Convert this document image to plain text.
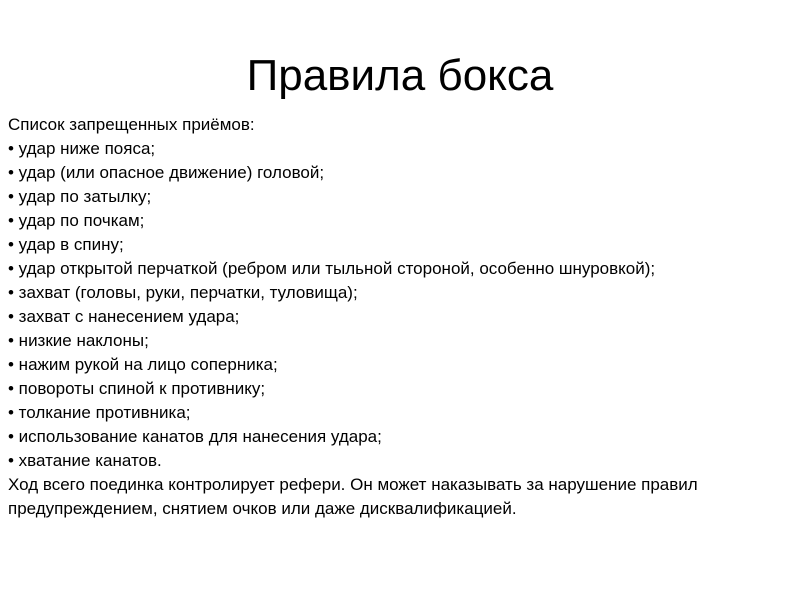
Правила бокса
Список запрещенных приёмов:
• удар ниже пояса;
• удар (или опасное движение) головой;
• удар по затылку;
• удар по почкам;
• удар в спину;
• удар открытой перчаткой (ребром или тыльной стороной, особенно шнуровкой);
• захват (головы, руки, перчатки, туловища);
• захват с нанесением удара;
• низкие наклоны;
• нажим рукой на лицо соперника;
• повороты спиной к противнику;
• толкание противника;
• использование канатов для нанесения удара;
• хватание канатов.
Ход всего поединка контролирует рефери. Он может наказывать за нарушение правил предупреждением, снятием очков или даже дисквалификацией.
